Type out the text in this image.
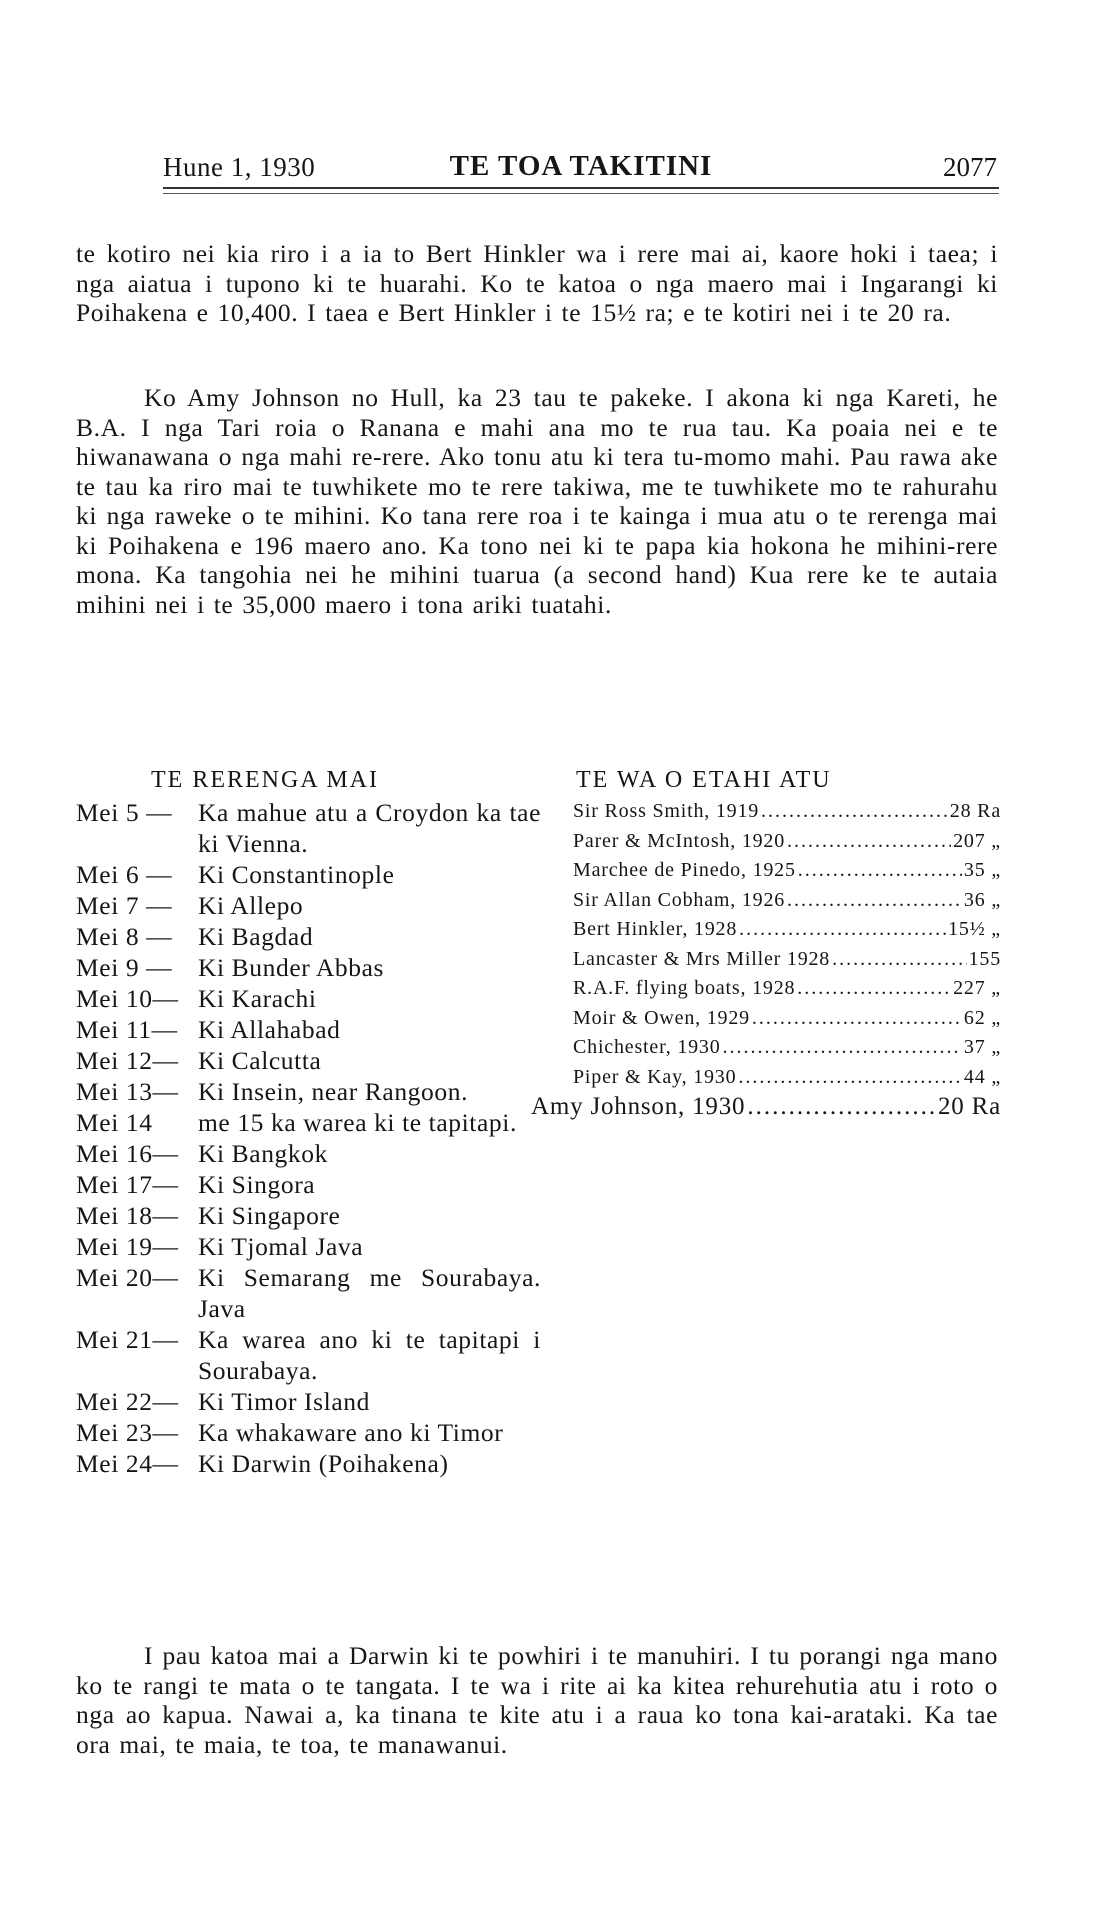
Hune 1, 1930	TE TOA TAKITINI	2077

te kotiro nei kia riro i a ia to Bert Hinkler wa i rere mai ai, kaore hoki i taea; i nga aiatua i tupono ki te huarahi. Ko te katoa o nga maero mai i Ingarangi ki Poihakena e 10,400. I taea e Bert Hinkler i te 15½ ra; e te kotiri nei i te 20 ra.

Ko Amy Johnson no Hull, ka 23 tau te pakeke. I akona ki nga Kareti, he B.A. I nga Tari roia o Ranana e mahi ana mo te rua tau. Ka poaia nei e te hiwanawana o nga mahi re-rere. Ako tonu atu ki tera tu-momo mahi. Pau rawa ake te tau ka riro mai te tuwhikete mo te rere takiwa, me te tuwhikete mo te rahurahu ki nga raweke o te mihini. Ko tana rere roa i te kainga i mua atu o te rerenga mai ki Poihakena e 196 maero ano. Ka tono nei ki te papa kia hokona he mihini-rere mona. Ka tangohia nei he mihini tuarua (a second hand) Kua rere ke te autaia mihini nei i te 35,000 maero i tona ariki tuatahi.

TE RERENGA MAI
Mei 5 —	Ka mahue atu a Croydon ka tae ki Vienna.
Mei 6 —	Ki Constantinople
Mei 7 —	Ki Allepo
Mei 8 —	Ki Bagdad
Mei 9 —	Ki Bunder Abbas
Mei 10— Ki Karachi
Mei 11— Ki Allahabad
Mei 12— Ki Calcutta
Mei 13— Ki Insein, near Rangoon.
Mei 14	me 15 ka warea ki te tapitapi.
Mei 16— Ki Bangkok
Mei 17— Ki Singora
Mei 18— Ki Singapore
Mei 19— Ki Tjomal Java
Mei 20— Ki Semarang me Sourabaya. Java
Mei 21— Ka warea ano ki te tapitapi i Sourabaya.
Mei 22— Ki Timor Island
Mei 23— Ka whakaware ano ki Timor
Mei 24— Ki Darwin (Poihakena)
TE WA O ETAHI ATU
Sir Ross Smith, 1919 .....	28 Ra
Parer & McIntosh, 1920 .....	207 „
Marchee de Pinedo, 1925 .....	35 „
Sir Allan Cobham, 1926 .....	36 „
Bert Hinkler, 1928 .....	15½ „
Lancaster & Mrs Miller 1928 .....	155
R.A.F. flying boats, 1928 .....	227 „
Moir & Owen, 1929 .....	62 „
Chichester, 1930 .....	37 „
Piper & Kay, 1930 .....	44 „
Amy Johnson, 1930 .....	20 Ra

I pau katoa mai a Darwin ki te powhiri i te manuhiri. I tu porangi nga mano ko te rangi te mata o te tangata. I te wa i rite ai ka kitea rehurehutia atu i roto o nga ao kapua. Nawai a, ka tinana te kite atu i a raua ko tona kai-arataki. Ka tae ora mai, te maia, te toa, te manawanui.
